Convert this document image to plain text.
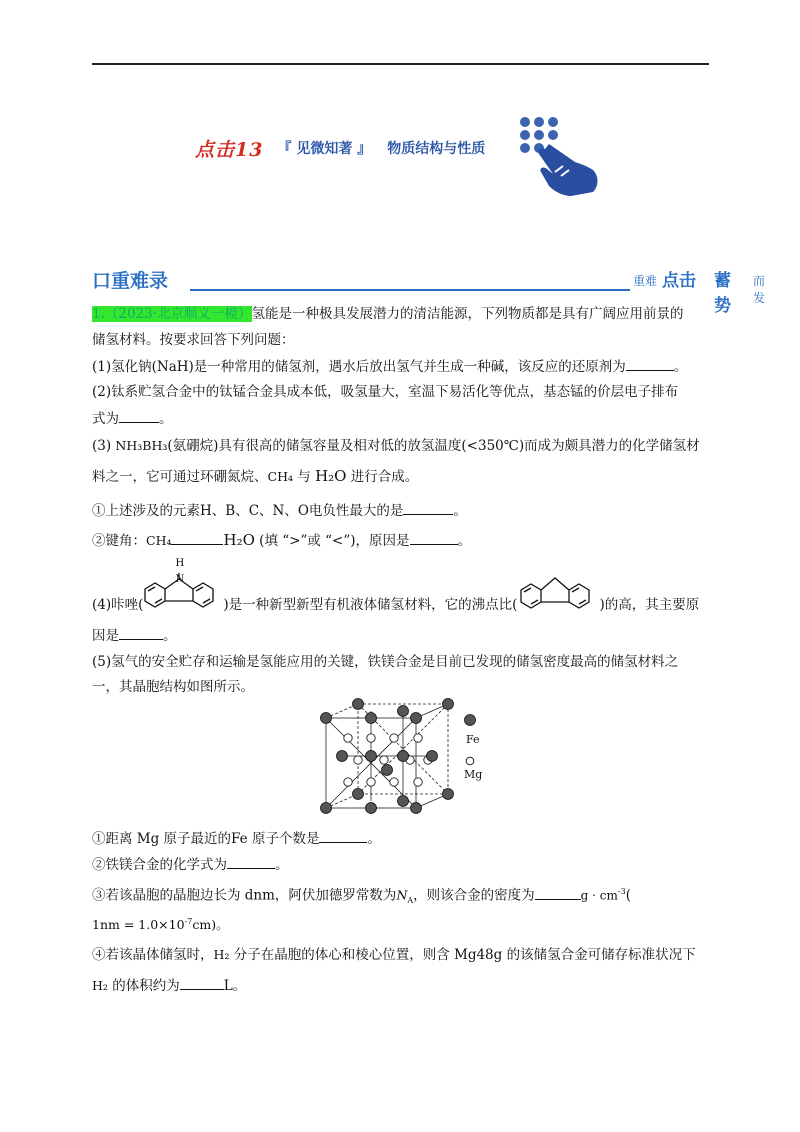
点击13 『 见微知著 』 物质结构与性质
口重难录	重难 点击 蓄势
而发
1.（2023·北京顺义一模）氢能是一种极具发展潜力的清洁能源，下列物质都是具有广阔应用前景的
储氢材料。按要求回答下列问题：
(1)氢化钠(NaH)是一种常用的储氢剂，遇水后放出氢气并生成一种碱，该反应的还原剂为	。
(2)钛系贮氢合金中的钛锰合金具成本低，吸氢量大，室温下易活化等优点，基态锰的价层电子排布
式为	。
(3) NH₃BH₃(氨硼烷)具有很高的储氢容量及相对低的放氢温度(<350℃)而成为颇具潜力的化学储氢材
料之一，它可通过环硼氮烷、CH₄ 与 H₂O 进行合成。
①上述涉及的元素H、B、C、N、O电负性最大的是	。
②键角：CH₄	H₂O (填 “>”或 “<”)，原因是	。
(4)咔唑(	)是一种新型新型有机液体储氢材料，它的沸点比(	)的高，其主要原
H
N
因是	。
(5)氢气的安全贮存和运输是氢能应用的关键，铁镁合金是目前已发现的储氢密度最高的储氢材料之
一，其晶胞结构如图所示。
Fe
Mg
①距离 Mg 原子最近的Fe 原子个数是	。
②铁镁合金的化学式为	。
③若该晶胞的晶胞边长为 dnm，阿伏加德罗常数为$N_A$，则该合金的密度为	$g \cdot cm^{-3}$(
$1nm = 1.0\times 10^{-7}cm$)。
④若该晶体储氢时，H₂ 分子在晶胞的体心和棱心位置，则含 Mg48g 的该储氢合金可储存标准状况下
H₂ 的体积约为	L。
